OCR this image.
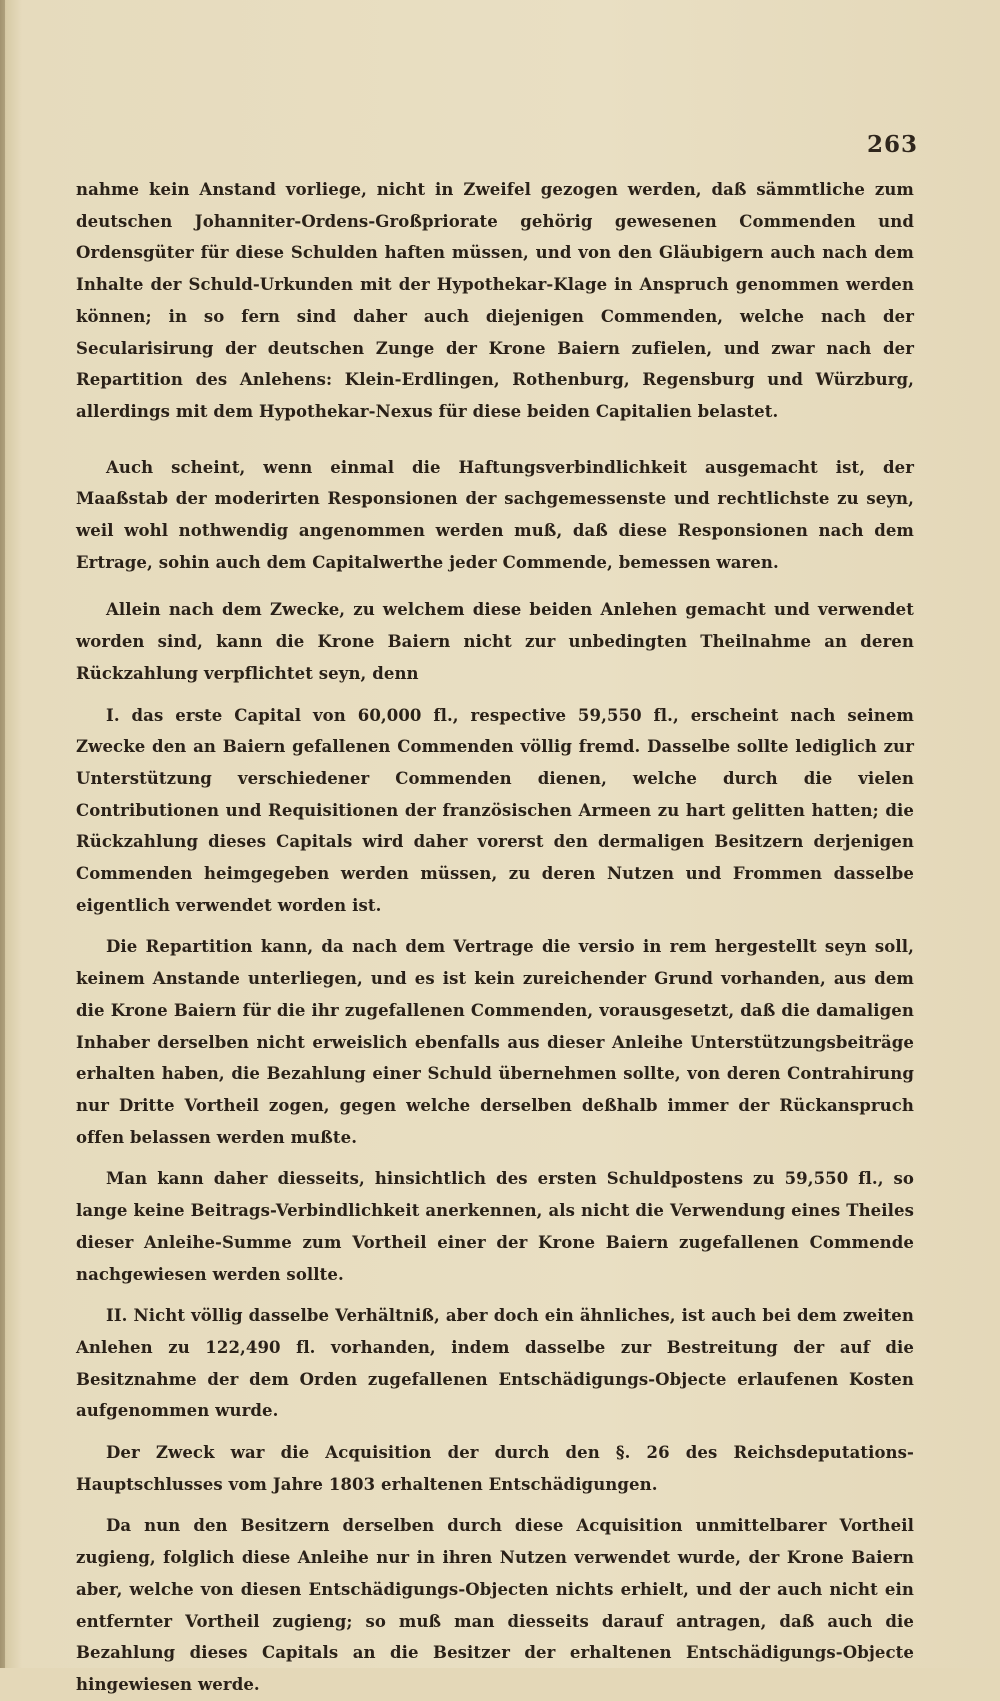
263

nahme kein Anstand vorliege, nicht in Zweifel gezogen werden, daß sämmtliche zum deutschen Johanniter-Ordens-Großpriorate gehörig gewesenen Commenden und Ordensgüter für diese Schulden haften müssen, und von den Gläubigern auch nach dem Inhalte der Schuld-Urkunden mit der Hypothekar-Klage in Anspruch genommen werden können; in so fern sind daher auch diejenigen Commenden, welche nach der Secularisirung der deutschen Zunge der Krone Baiern zufielen, und zwar nach der Repartition des Anlehens: Klein-Erdlingen, Rothenburg, Regensburg und Würzburg, allerdings mit dem Hypothekar-Nexus für diese beiden Capitalien belastet.

Auch scheint, wenn einmal die Haftungsverbindlichkeit ausgemacht ist, der Maaßstab der moderirten Responsionen der sachgemessenste und rechtlichste zu seyn, weil wohl nothwendig angenommen werden muß, daß diese Responsionen nach dem Ertrage, sohin auch dem Capitalwerthe jeder Commende, bemessen waren.

Allein nach dem Zwecke, zu welchem diese beiden Anlehen gemacht und verwendet worden sind, kann die Krone Baiern nicht zur unbedingten Theilnahme an deren Rückzahlung verpflichtet seyn, denn

I. das erste Capital von 60,000 fl., respective 59,550 fl., erscheint nach seinem Zwecke den an Baiern gefallenen Commenden völlig fremd. Dasselbe sollte lediglich zur Unterstützung verschiedener Commenden dienen, welche durch die vielen Contributionen und Requisitionen der französischen Armeen zu hart gelitten hatten; die Rückzahlung dieses Capitals wird daher vorerst den dermaligen Besitzern derjenigen Commenden heimgegeben werden müssen, zu deren Nutzen und Frommen dasselbe eigentlich verwendet worden ist.

Die Repartition kann, da nach dem Vertrage die versio in rem hergestellt seyn soll, keinem Anstande unterliegen, und es ist kein zureichender Grund vorhanden, aus dem die Krone Baiern für die ihr zugefallenen Commenden, vorausgesetzt, daß die damaligen Inhaber derselben nicht erweislich ebenfalls aus dieser Anleihe Unterstützungsbeiträge erhalten haben, die Bezahlung einer Schuld übernehmen sollte, von deren Contrahirung nur Dritte Vortheil zogen, gegen welche derselben deßhalb immer der Rückanspruch offen belassen werden mußte.

Man kann daher diesseits, hinsichtlich des ersten Schuldpostens zu 59,550 fl., so lange keine Beitrags-Verbindlichkeit anerkennen, als nicht die Verwendung eines Theiles dieser Anleihe-Summe zum Vortheil einer der Krone Baiern zugefallenen Commende nachgewiesen werden sollte.

II. Nicht völlig dasselbe Verhältniß, aber doch ein ähnliches, ist auch bei dem zweiten Anlehen zu 122,490 fl. vorhanden, indem dasselbe zur Bestreitung der auf die Besitznahme der dem Orden zugefallenen Entschädigungs-Objecte erlaufenen Kosten aufgenommen wurde.

Der Zweck war die Acquisition der durch den §. 26 des Reichsdeputations-Hauptschlusses vom Jahre 1803 erhaltenen Entschädigungen.

Da nun den Besitzern derselben durch diese Acquisition unmittelbarer Vortheil zugieng, folglich diese Anleihe nur in ihren Nutzen verwendet wurde, der Krone Baiern aber, welche von diesen Entschädigungs-Objecten nichts erhielt, und der auch nicht ein entfernter Vortheil zugieng; so muß man diesseits darauf antragen, daß auch die Bezahlung dieses Capitals an die Besitzer der erhaltenen Entschädigungs-Objecte hingewiesen werde.
